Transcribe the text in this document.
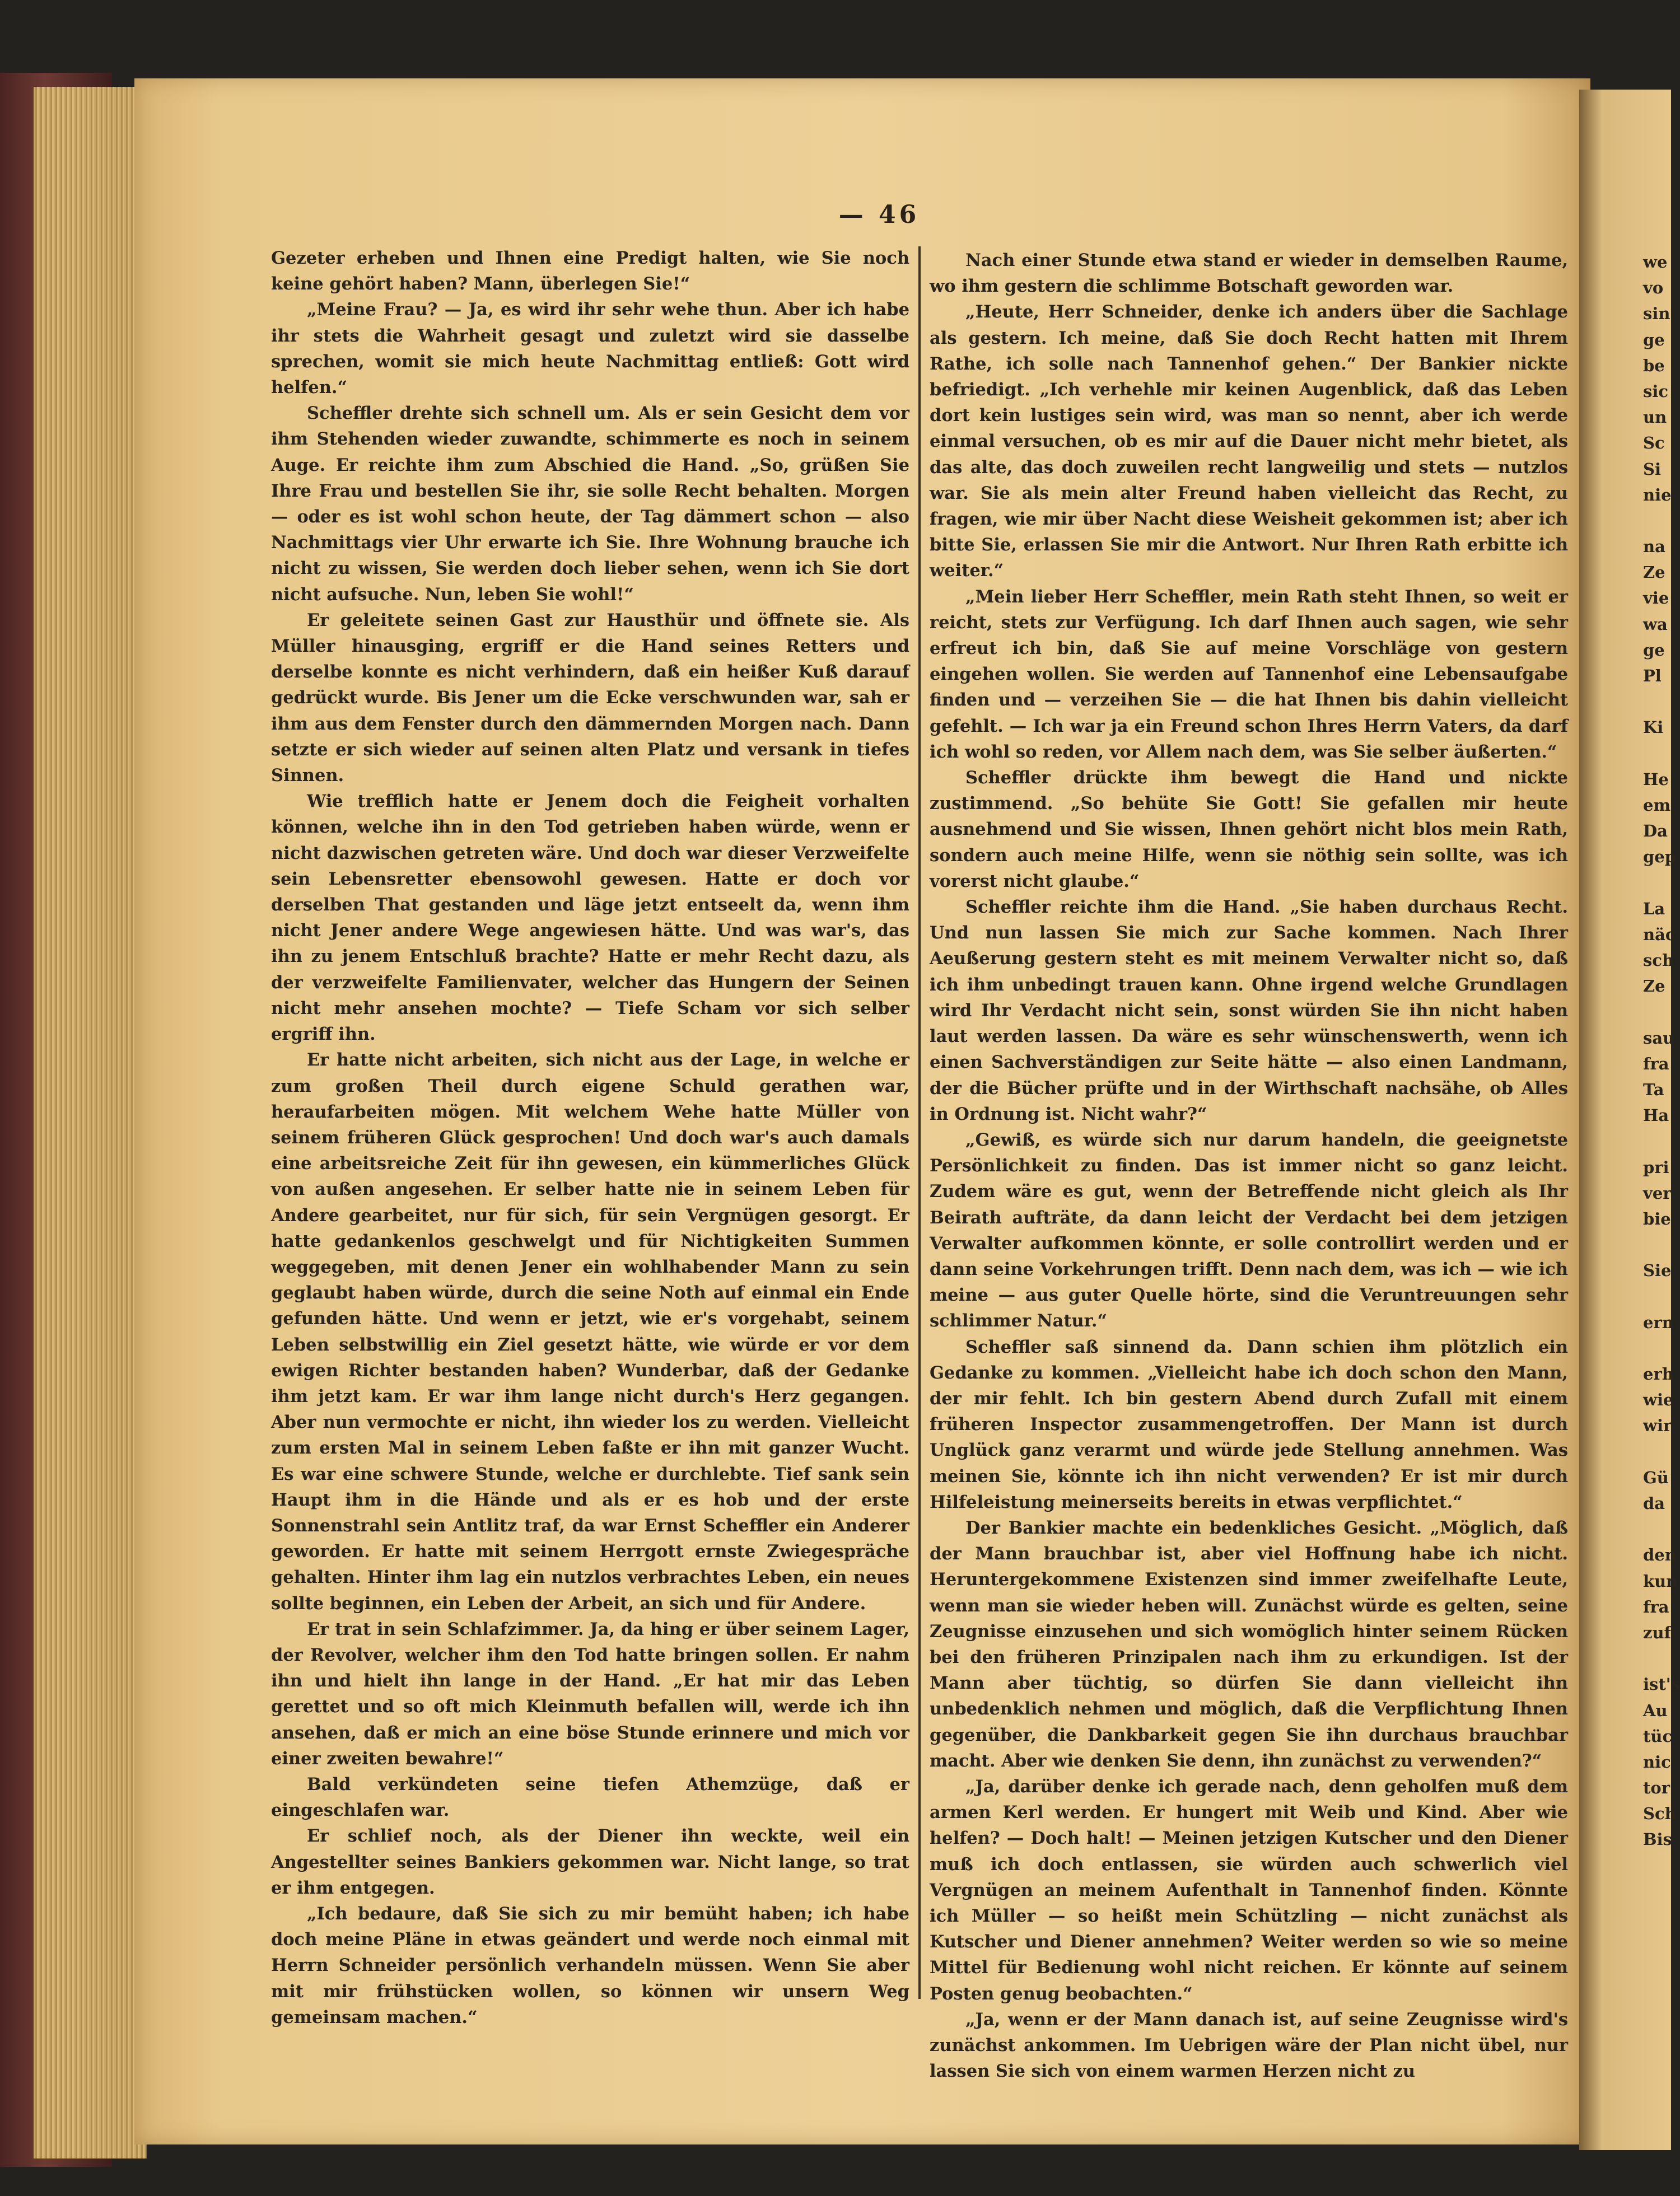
— 46

Gezeter erheben und Ihnen eine Predigt halten, wie Sie noch keine gehört haben? Mann, überlegen Sie!“

„Meine Frau? — Ja, es wird ihr sehr wehe thun. Aber ich habe ihr stets die Wahrheit gesagt und zuletzt wird sie dasselbe sprechen, womit sie mich heute Nachmittag entließ: Gott wird helfen.“

Scheffler drehte sich schnell um. Als er sein Gesicht dem vor ihm Stehenden wieder zuwandte, schimmerte es noch in seinem Auge. Er reichte ihm zum Abschied die Hand. „So, grüßen Sie Ihre Frau und bestellen Sie ihr, sie solle Recht behalten. Morgen — oder es ist wohl schon heute, der Tag dämmert schon — also Nachmittags vier Uhr erwarte ich Sie. Ihre Wohnung brauche ich nicht zu wissen, Sie werden doch lieber sehen, wenn ich Sie dort nicht aufsuche. Nun, leben Sie wohl!“

Er geleitete seinen Gast zur Hausthür und öffnete sie. Als Müller hinausging, ergriff er die Hand seines Retters und derselbe konnte es nicht verhindern, daß ein heißer Kuß darauf gedrückt wurde. Bis Jener um die Ecke verschwunden war, sah er ihm aus dem Fenster durch den dämmernden Morgen nach. Dann setzte er sich wieder auf seinen alten Platz und versank in tiefes Sinnen.

Wie trefflich hatte er Jenem doch die Feigheit vorhalten können, welche ihn in den Tod getrieben haben würde, wenn er nicht dazwischen getreten wäre. Und doch war dieser Verzweifelte sein Lebensretter ebensowohl gewesen. Hatte er doch vor derselben That gestanden und läge jetzt entseelt da, wenn ihm nicht Jener andere Wege angewiesen hätte. Und was war's, das ihn zu jenem Entschluß brachte? Hatte er mehr Recht dazu, als der verzweifelte Familienvater, welcher das Hungern der Seinen nicht mehr ansehen mochte? — Tiefe Scham vor sich selber ergriff ihn.

Er hatte nicht arbeiten, sich nicht aus der Lage, in welche er zum großen Theil durch eigene Schuld gerathen war, heraufarbeiten mögen. Mit welchem Wehe hatte Müller von seinem früheren Glück gesprochen! Und doch war's auch damals eine arbeitsreiche Zeit für ihn gewesen, ein kümmerliches Glück von außen angesehen. Er selber hatte nie in seinem Leben für Andere gearbeitet, nur für sich, für sein Vergnügen gesorgt. Er hatte gedankenlos geschwelgt und für Nichtigkeiten Summen weggegeben, mit denen Jener ein wohlhabender Mann zu sein geglaubt haben würde, durch die seine Noth auf einmal ein Ende gefunden hätte. Und wenn er jetzt, wie er's vorgehabt, seinem Leben selbstwillig ein Ziel gesetzt hätte, wie würde er vor dem ewigen Richter bestanden haben? Wunderbar, daß der Gedanke ihm jetzt kam. Er war ihm lange nicht durch's Herz gegangen. Aber nun vermochte er nicht, ihn wieder los zu werden. Vielleicht zum ersten Mal in seinem Leben faßte er ihn mit ganzer Wucht. Es war eine schwere Stunde, welche er durchlebte. Tief sank sein Haupt ihm in die Hände und als er es hob und der erste Sonnenstrahl sein Antlitz traf, da war Ernst Scheffler ein Anderer geworden. Er hatte mit seinem Herrgott ernste Zwiegespräche gehalten. Hinter ihm lag ein nutzlos verbrachtes Leben, ein neues sollte beginnen, ein Leben der Arbeit, an sich und für Andere.

Er trat in sein Schlafzimmer. Ja, da hing er über seinem Lager, der Revolver, welcher ihm den Tod hatte bringen sollen. Er nahm ihn und hielt ihn lange in der Hand. „Er hat mir das Leben gerettet und so oft mich Kleinmuth befallen will, werde ich ihn ansehen, daß er mich an eine böse Stunde erinnere und mich vor einer zweiten bewahre!“

Bald verkündeten seine tiefen Athemzüge, daß er eingeschlafen war.

Er schlief noch, als der Diener ihn weckte, weil ein Angestellter seines Bankiers gekommen war. Nicht lange, so trat er ihm entgegen.

„Ich bedaure, daß Sie sich zu mir bemüht haben; ich habe doch meine Pläne in etwas geändert und werde noch einmal mit Herrn Schneider persönlich verhandeln müssen. Wenn Sie aber mit mir frühstücken wollen, so können wir unsern Weg gemeinsam machen.“

Nach einer Stunde etwa stand er wieder in demselben Raume, wo ihm gestern die schlimme Botschaft geworden war.

„Heute, Herr Schneider, denke ich anders über die Sachlage als gestern. Ich meine, daß Sie doch Recht hatten mit Ihrem Rathe, ich solle nach Tannenhof gehen.“ Der Bankier nickte befriedigt. „Ich verhehle mir keinen Augenblick, daß das Leben dort kein lustiges sein wird, was man so nennt, aber ich werde einmal versuchen, ob es mir auf die Dauer nicht mehr bietet, als das alte, das doch zuweilen recht langweilig und stets — nutzlos war. Sie als mein alter Freund haben vielleicht das Recht, zu fragen, wie mir über Nacht diese Weisheit gekommen ist; aber ich bitte Sie, erlassen Sie mir die Antwort. Nur Ihren Rath erbitte ich weiter.“

„Mein lieber Herr Scheffler, mein Rath steht Ihnen, so weit er reicht, stets zur Verfügung. Ich darf Ihnen auch sagen, wie sehr erfreut ich bin, daß Sie auf meine Vorschläge von gestern eingehen wollen. Sie werden auf Tannenhof eine Lebensaufgabe finden und — verzeihen Sie — die hat Ihnen bis dahin vielleicht gefehlt. — Ich war ja ein Freund schon Ihres Herrn Vaters, da darf ich wohl so reden, vor Allem nach dem, was Sie selber äußerten.“

Scheffler drückte ihm bewegt die Hand und nickte zustimmend. „So behüte Sie Gott! Sie gefallen mir heute ausnehmend und Sie wissen, Ihnen gehört nicht blos mein Rath, sondern auch meine Hilfe, wenn sie nöthig sein sollte, was ich vorerst nicht glaube.“

Scheffler reichte ihm die Hand. „Sie haben durchaus Recht. Und nun lassen Sie mich zur Sache kommen. Nach Ihrer Aeußerung gestern steht es mit meinem Verwalter nicht so, daß ich ihm unbedingt trauen kann. Ohne irgend welche Grundlagen wird Ihr Verdacht nicht sein, sonst würden Sie ihn nicht haben laut werden lassen. Da wäre es sehr wünschenswerth, wenn ich einen Sachverständigen zur Seite hätte — also einen Landmann, der die Bücher prüfte und in der Wirthschaft nachsähe, ob Alles in Ordnung ist. Nicht wahr?“

„Gewiß, es würde sich nur darum handeln, die geeignetste Persönlichkeit zu finden. Das ist immer nicht so ganz leicht. Zudem wäre es gut, wenn der Betreffende nicht gleich als Ihr Beirath aufträte, da dann leicht der Verdacht bei dem jetzigen Verwalter aufkommen könnte, er solle controllirt werden und er dann seine Vorkehrungen trifft. Denn nach dem, was ich — wie ich meine — aus guter Quelle hörte, sind die Veruntreuungen sehr schlimmer Natur.“

Scheffler saß sinnend da. Dann schien ihm plötzlich ein Gedanke zu kommen. „Vielleicht habe ich doch schon den Mann, der mir fehlt. Ich bin gestern Abend durch Zufall mit einem früheren Inspector zusammengetroffen. Der Mann ist durch Unglück ganz verarmt und würde jede Stellung annehmen. Was meinen Sie, könnte ich ihn nicht verwenden? Er ist mir durch Hilfeleistung meinerseits bereits in etwas verpflichtet.“

Der Bankier machte ein bedenkliches Gesicht. „Möglich, daß der Mann brauchbar ist, aber viel Hoffnung habe ich nicht. Heruntergekommene Existenzen sind immer zweifelhafte Leute, wenn man sie wieder heben will. Zunächst würde es gelten, seine Zeugnisse einzusehen und sich womöglich hinter seinem Rücken bei den früheren Prinzipalen nach ihm zu erkundigen. Ist der Mann aber tüchtig, so dürfen Sie dann vielleicht ihn unbedenklich nehmen und möglich, daß die Verpflichtung Ihnen gegenüber, die Dankbarkeit gegen Sie ihn durchaus brauchbar macht. Aber wie denken Sie denn, ihn zunächst zu verwenden?“

„Ja, darüber denke ich gerade nach, denn geholfen muß dem armen Kerl werden. Er hungert mit Weib und Kind. Aber wie helfen? — Doch halt! — Meinen jetzigen Kutscher und den Diener muß ich doch entlassen, sie würden auch schwerlich viel Vergnügen an meinem Aufenthalt in Tannenhof finden. Könnte ich Müller — so heißt mein Schützling — nicht zunächst als Kutscher und Diener annehmen? Weiter werden so wie so meine Mittel für Bedienung wohl nicht reichen. Er könnte auf seinem Posten genug beobachten.“

„Ja, wenn er der Mann danach ist, auf seine Zeugnisse wird's zunächst ankommen. Im Uebrigen wäre der Plan nicht übel, nur lassen Sie sich von einem warmen Herzen nicht zu

we
vo
sin
ge
be
sic
un
Sc
Si
nie
na
Ze
vie
wa
ge
Pl
Ki
He
em
Da
gep
La
näc
sch
Ze
sau
fra
Ta
Ha
pri
ver
bie
Sie
ern
erh
wie
wir
Gü
da
den
kun
fra
zuf
ist's
Au
tüc
nic
tor
Sch
Bis
